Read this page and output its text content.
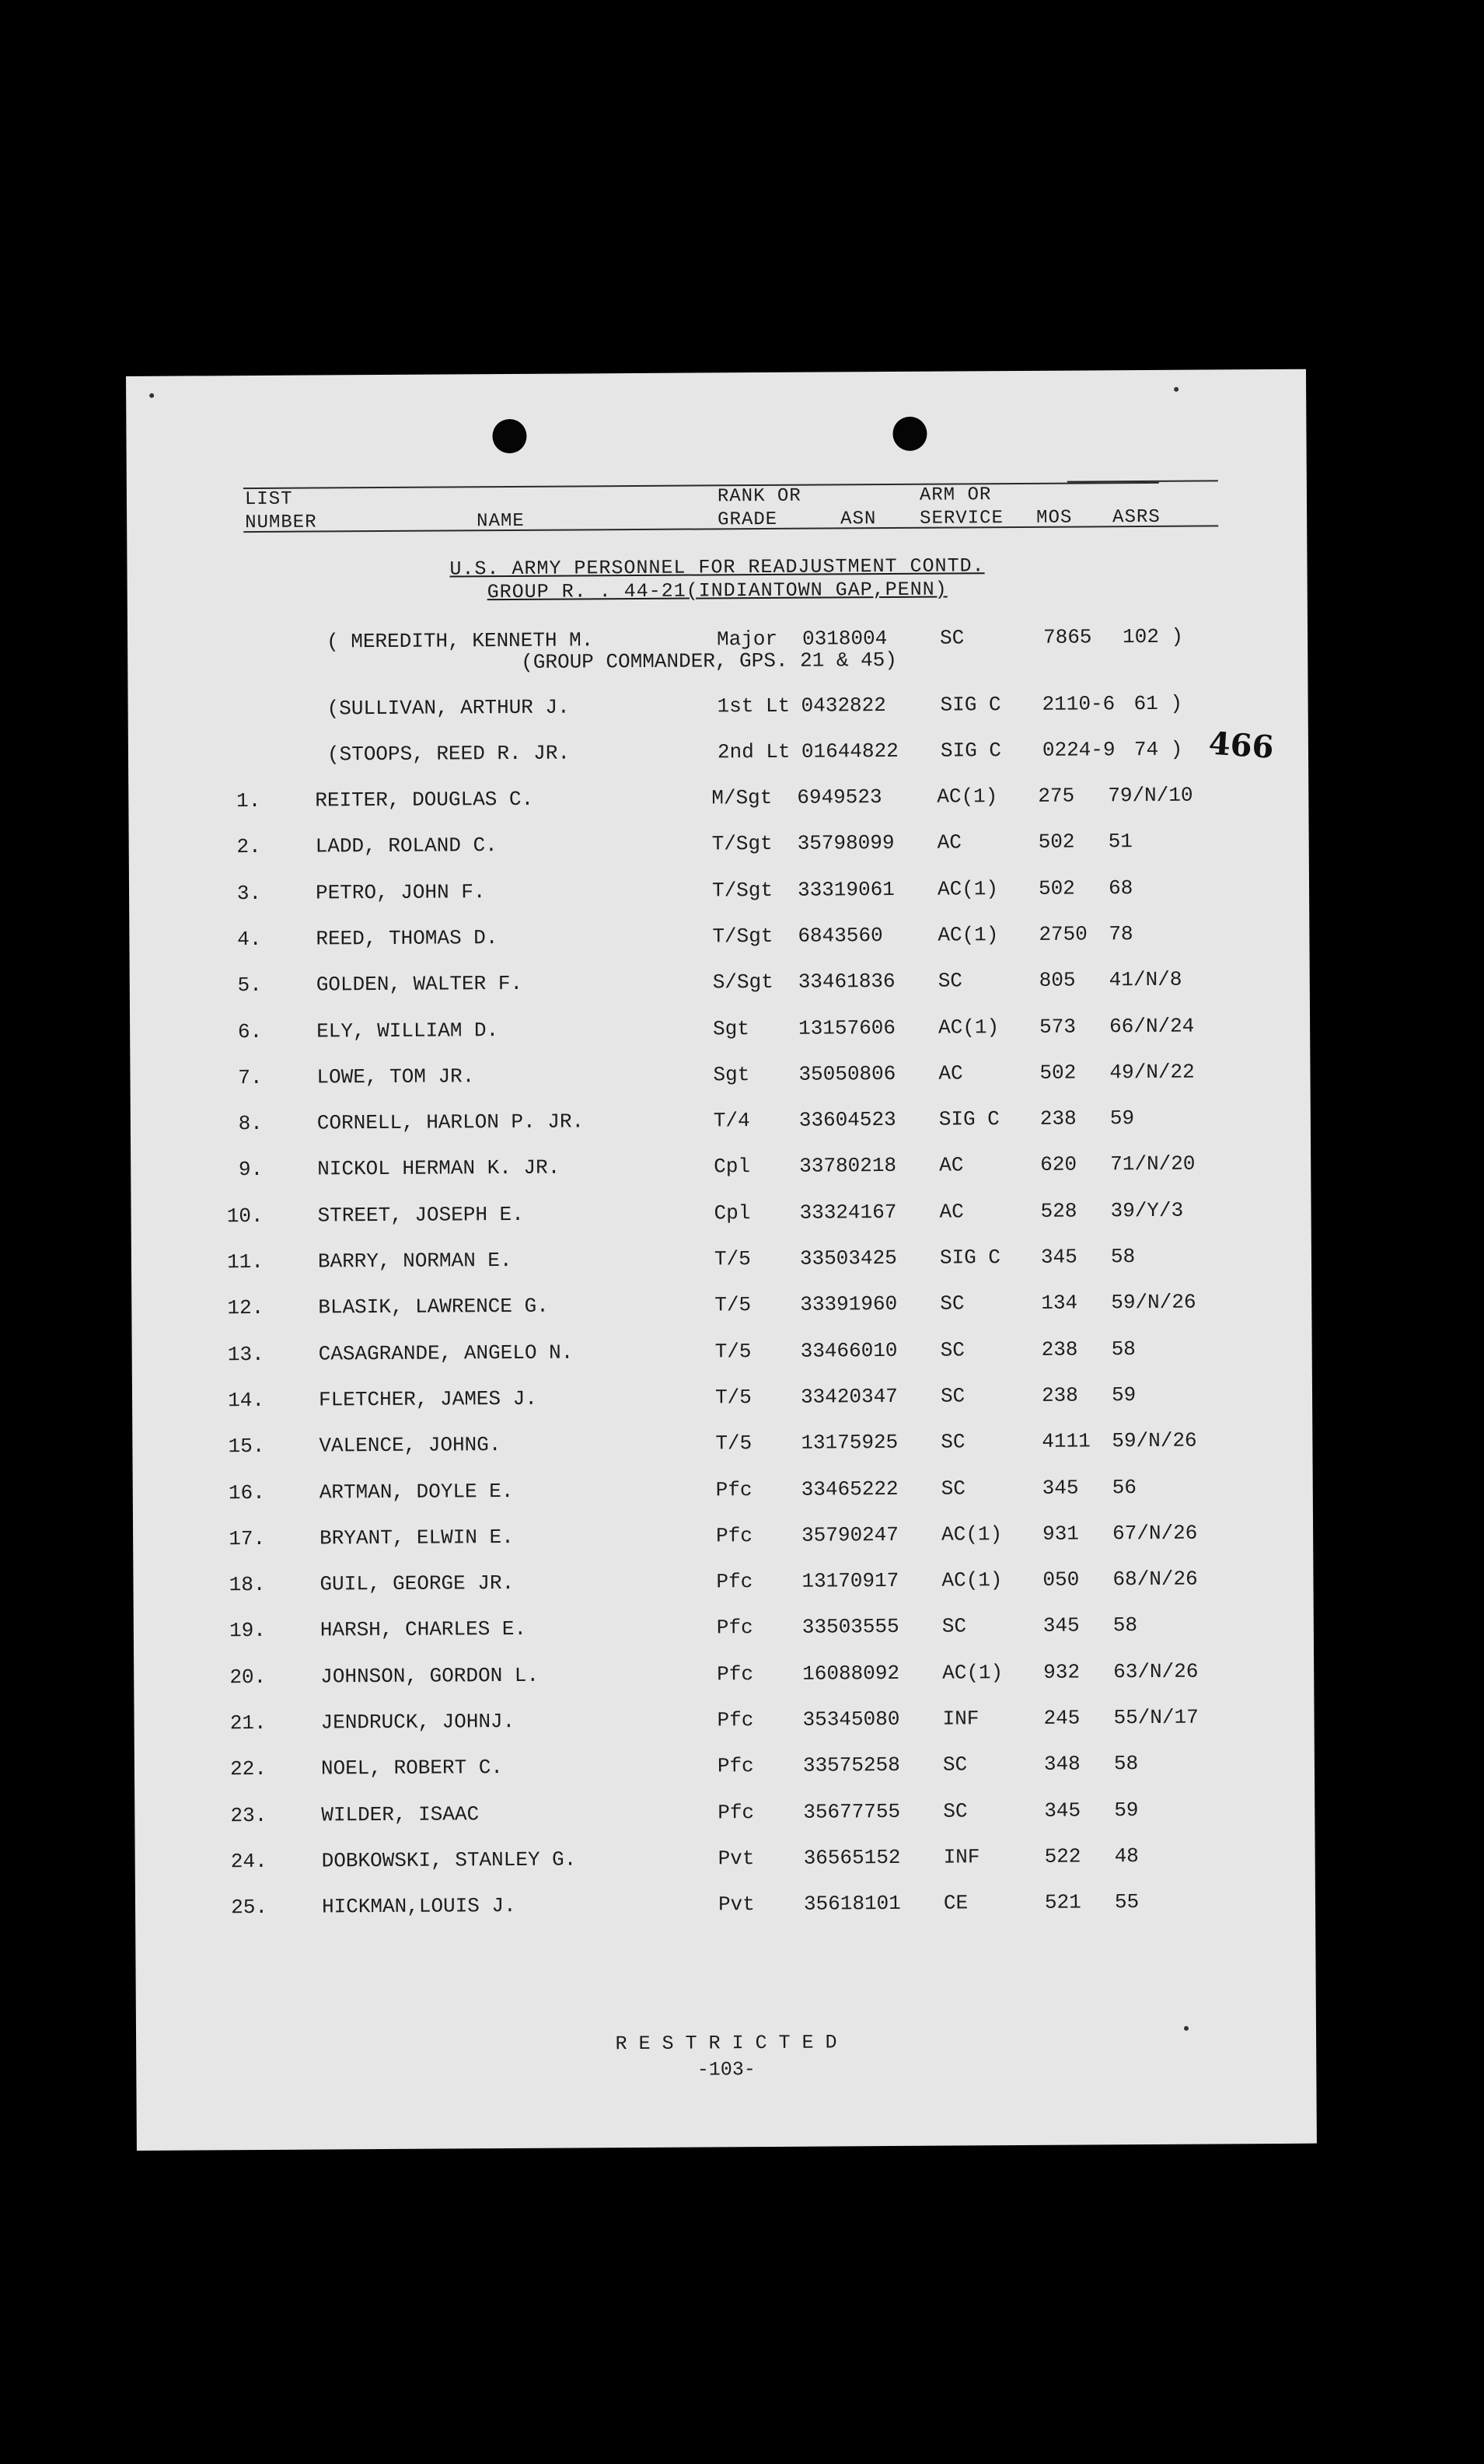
LIST
NUMBER	NAME
RANK OR
GRADE	ASN
ARM OR
SERVICE MOS ASRS
U.S. ARMY PERSONNEL FOR READJUSTMENT CONTD.
GROUP R. . 44-21(INDIANTOWN GAP,PENN)
( MEREDITH, KENNETH M.	Major 0318004	SC	7865 102 )
(GROUP COMMANDER, GPS. 21 & 45)
(SULLIVAN, ARTHUR J.	1st Lt 0432822	SIG C 2110-6 61 )
(STOOPS, REED R. JR.	2nd Lt 01644822 SIG C 0224-9 74 ) 466
1.	REITER, DOUGLAS C.	M/Sgt 6949523	AC(1) 275 79/N/10
2.	LADD, ROLAND C.	T/Sgt 35798099 AC	502 51
3.	PETRO, JOHN F.	T/Sgt 33319061 AC(1) 502 68
4.	REED, THOMAS D.	T/Sgt 6843560	AC(1) 2750 78
5.	GOLDEN, WALTER F.	S/Sgt 33461836 SC	805 41/N/8
6.	ELY, WILLIAM D.	Sgt 13157606 AC(1) 573 66/N/24
7.	LOWE, TOM JR.	Sgt 35050806 AC	502 49/N/22
8.	CORNELL, HARLON P. JR.	T/4 33604523 SIG C 238 59
9.	NICKOL HERMAN K. JR.	Cpl 33780218 AC	620 71/N/20
10.	STREET, JOSEPH E.	Cpl 33324167 AC	528 39/Y/3
11.	BARRY, NORMAN E.	T/5 33503425 SIG C 345 58
12.	BLASIK, LAWRENCE G.	T/5 33391960 SC	134 59/N/26
13.	CASAGRANDE, ANGELO N.	T/5 33466010 SC	238 58
14.	FLETCHER, JAMES J.	T/5 33420347 SC	238 59
15.	VALENCE, JOHNG.	T/5 13175925 SC	4111 59/N/26
16.	ARTMAN, DOYLE E.	Pfc 33465222 SC	345 56
17.	BRYANT, ELWIN E.	Pfc 35790247 AC(1) 931 67/N/26
18.	GUIL, GEORGE JR.	Pfc 13170917 AC(1) 050 68/N/26
19.	HARSH, CHARLES E.	Pfc 33503555 SC	345 58
20.	JOHNSON, GORDON L.	Pfc 16088092 AC(1) 932 63/N/26
21.	JENDRUCK, JOHNJ.	Pfc 35345080 INF	245 55/N/17
22.	NOEL, ROBERT C.	Pfc 33575258 SC	348 58
23.	WILDER, ISAAC	Pfc 35677755 SC	345 59
24.	DOBKOWSKI, STANLEY G.	Pvt 36565152 INF	522 48
25.	HICKMAN,LOUIS J.	Pvt 35618101 CE	521 55
R E S T R I C T E D
-103-
